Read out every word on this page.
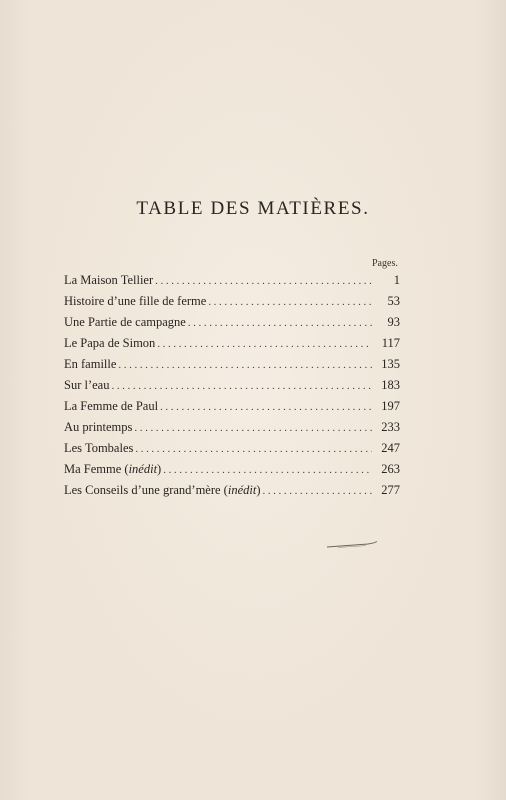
TABLE DES MATIÈRES.
Pages.
La Maison Tellier .....	1
Histoire d’une fille de ferme .....	53
Une Partie de campagne .....	93
Le Papa de Simon .....	117
En famille .....	135
Sur l’eau .....	183
La Femme de Paul .....	197
Au printemps .....	233
Les Tombales .....	247
Ma Femme (inédit) .....	263
Les Conseils d’une grand’mère (inédit) .....	277
